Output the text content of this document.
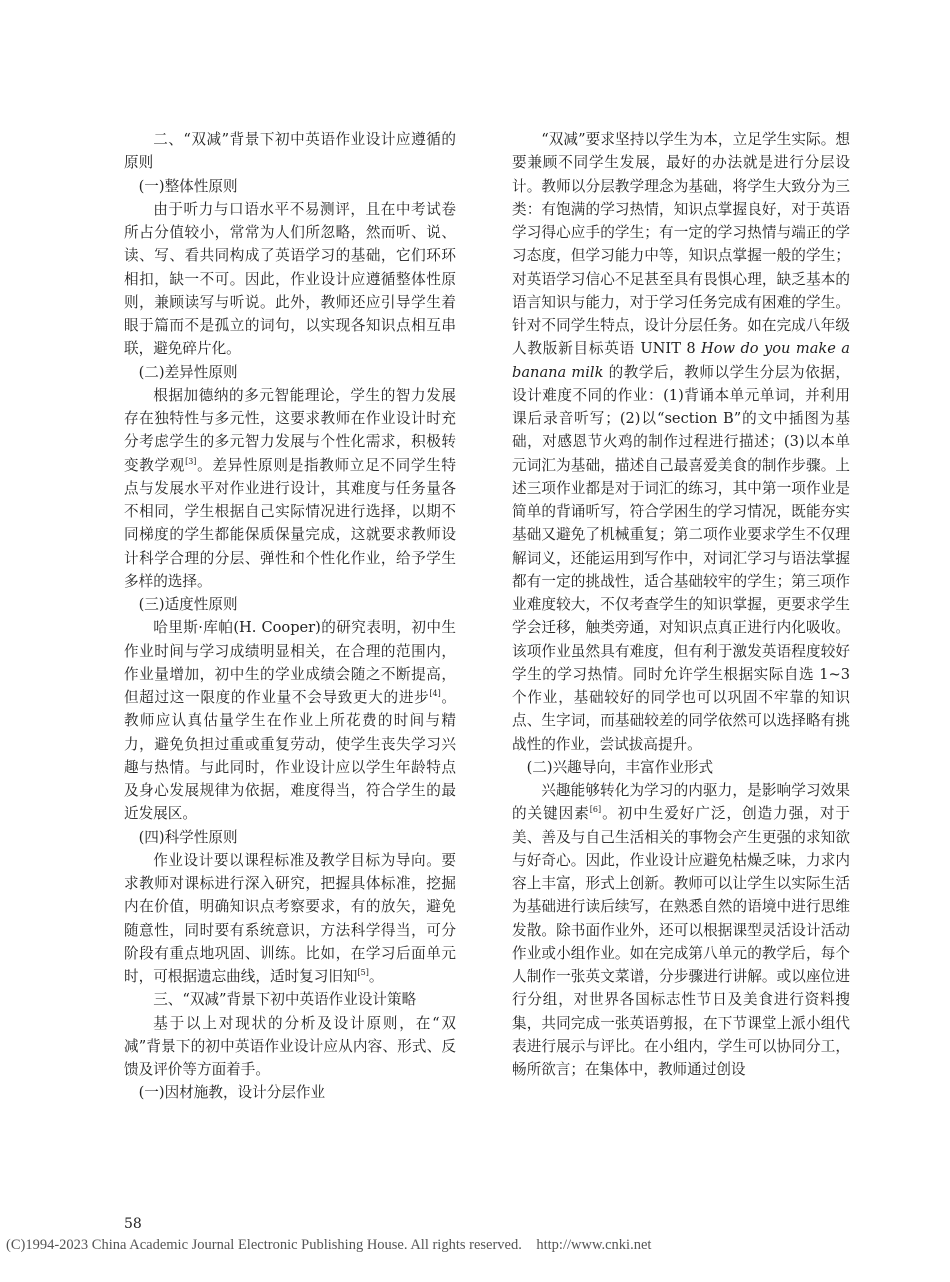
二、“双减”背景下初中英语作业设计应遵循的原则

(一)整体性原则

由于听力与口语水平不易测评，且在中考试卷所占分值较小，常常为人们所忽略，然而听、说、读、写、看共同构成了英语学习的基础，它们环环相扣，缺一不可。因此，作业设计应遵循整体性原则，兼顾读写与听说。此外，教师还应引导学生着眼于篇而不是孤立的词句，以实现各知识点相互串联，避免碎片化。

(二)差异性原则

根据加德纳的多元智能理论，学生的智力发展存在独特性与多元性，这要求教师在作业设计时充分考虑学生的多元智力发展与个性化需求，积极转变教学观[3]。差异性原则是指教师立足不同学生特点与发展水平对作业进行设计，其难度与任务量各不相同，学生根据自己实际情况进行选择，以期不同梯度的学生都能保质保量完成，这就要求教师设计科学合理的分层、弹性和个性化作业，给予学生多样的选择。

(三)适度性原则

哈里斯·库帕(H. Cooper)的研究表明，初中生作业时间与学习成绩明显相关，在合理的范围内，作业量增加，初中生的学业成绩会随之不断提高，但超过这一限度的作业量不会导致更大的进步[4]。教师应认真估量学生在作业上所花费的时间与精力，避免负担过重或重复劳动，使学生丧失学习兴趣与热情。与此同时，作业设计应以学生年龄特点及身心发展规律为依据，难度得当，符合学生的最近发展区。

(四)科学性原则

作业设计要以课程标准及教学目标为导向。要求教师对课标进行深入研究，把握具体标准，挖掘内在价值，明确知识点考察要求，有的放矢，避免随意性，同时要有系统意识，方法科学得当，可分阶段有重点地巩固、训练。比如，在学习后面单元时，可根据遗忘曲线，适时复习旧知[5]。

三、“双减”背景下初中英语作业设计策略

基于以上对现状的分析及设计原则，在“双减”背景下的初中英语作业设计应从内容、形式、反馈及评价等方面着手。

(一)因材施教，设计分层作业

“双减”要求坚持以学生为本，立足学生实际。想要兼顾不同学生发展，最好的办法就是进行分层设计。教师以分层教学理念为基础，将学生大致分为三类：有饱满的学习热情，知识点掌握良好，对于英语学习得心应手的学生；有一定的学习热情与端正的学习态度，但学习能力中等，知识点掌握一般的学生；对英语学习信心不足甚至具有畏惧心理，缺乏基本的语言知识与能力，对于学习任务完成有困难的学生。针对不同学生特点，设计分层任务。如在完成八年级人教版新目标英语 UNIT 8 How do you make a banana milk 的教学后，教师以学生分层为依据，设计难度不同的作业：(1)背诵本单元单词，并利用课后录音听写；(2)以“section B”的文中插图为基础，对感恩节火鸡的制作过程进行描述；(3)以本单元词汇为基础，描述自己最喜爱美食的制作步骤。上述三项作业都是对于词汇的练习，其中第一项作业是简单的背诵听写，符合学困生的学习情况，既能夯实基础又避免了机械重复；第二项作业要求学生不仅理解词义，还能运用到写作中，对词汇学习与语法掌握都有一定的挑战性，适合基础较牢的学生；第三项作业难度较大，不仅考查学生的知识掌握，更要求学生学会迁移，触类旁通，对知识点真正进行内化吸收。该项作业虽然具有难度，但有利于激发英语程度较好学生的学习热情。同时允许学生根据实际自选 1~3 个作业，基础较好的同学也可以巩固不牢靠的知识点、生字词，而基础较差的同学依然可以选择略有挑战性的作业，尝试拔高提升。

(二)兴趣导向，丰富作业形式

兴趣能够转化为学习的内驱力，是影响学习效果的关键因素[6]。初中生爱好广泛，创造力强，对于美、善及与自己生活相关的事物会产生更强的求知欲与好奇心。因此，作业设计应避免枯燥乏味，力求内容上丰富，形式上创新。教师可以让学生以实际生活为基础进行读后续写，在熟悉自然的语境中进行思维发散。除书面作业外，还可以根据课型灵活设计活动作业或小组作业。如在完成第八单元的教学后，每个人制作一张英文菜谱，分步骤进行讲解。或以座位进行分组，对世界各国标志性节日及美食进行资料搜集，共同完成一张英语剪报，在下节课堂上派小组代表进行展示与评比。在小组内，学生可以协同分工，畅所欲言；在集体中，教师通过创设

58
(C)1994-2023 China Academic Journal Electronic Publishing House. All rights reserved.    http://www.cnki.net
